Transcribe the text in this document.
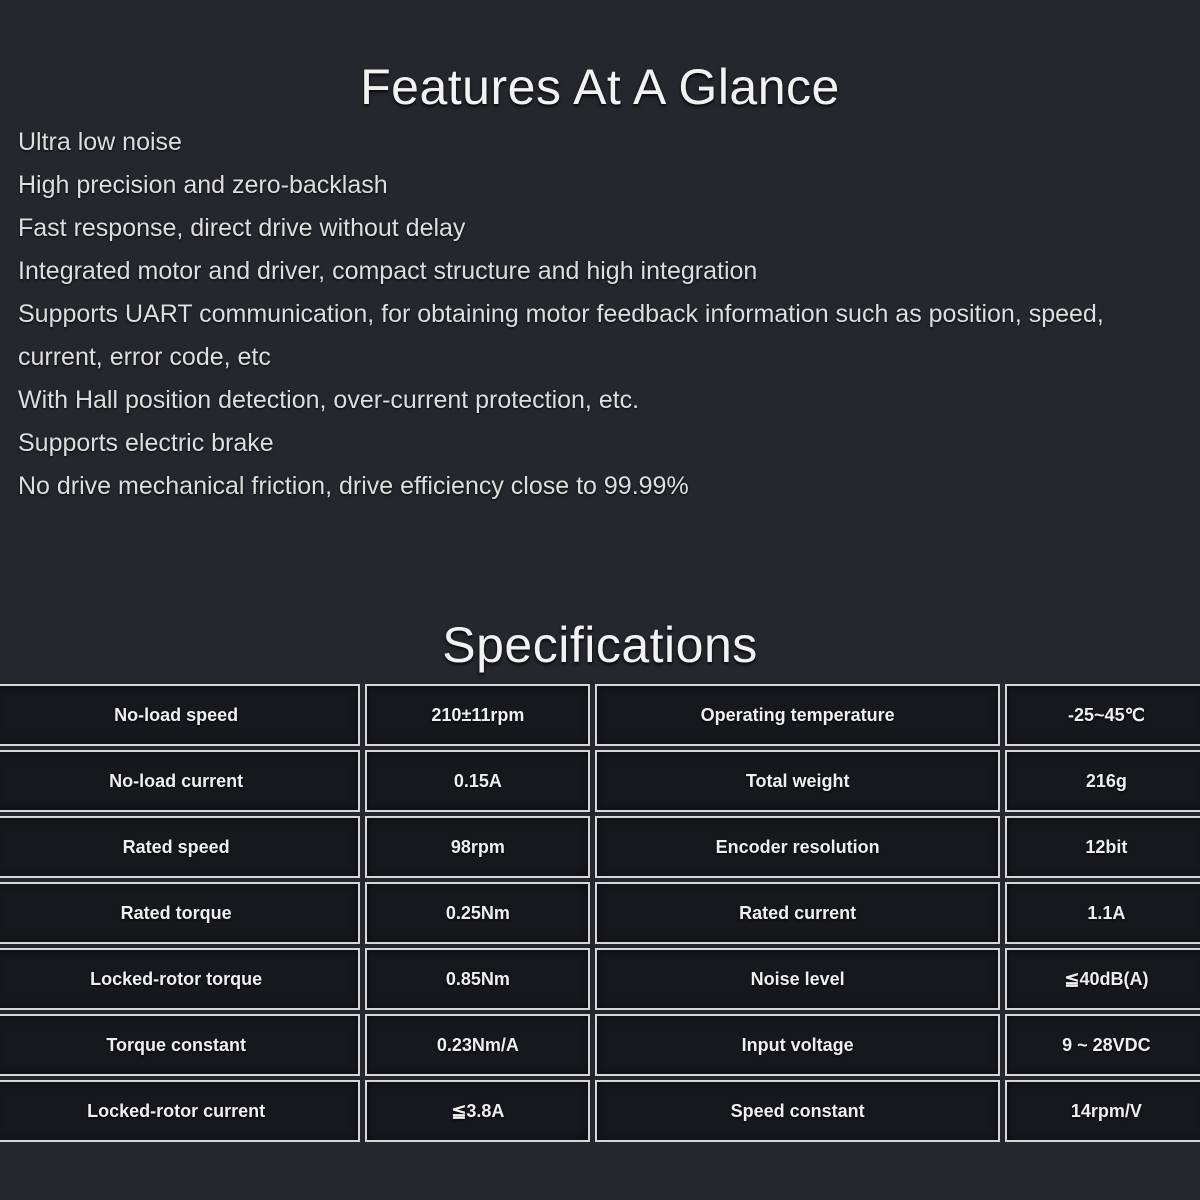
Features At A Glance
Ultra low noise
High precision and zero-backlash
Fast response, direct drive without delay
Integrated motor and driver, compact structure and high integration
Supports UART communication, for obtaining motor feedback information such as position, speed,
current, error code, etc
With Hall position detection, over-current protection, etc.
Supports electric brake
No drive mechanical friction, drive efficiency close to 99.99%
Specifications
No-load speed	210±11rpm	Operating temperature	-25~45℃
No-load current	0.15A	Total weight	216g
Rated speed	98rpm	Encoder resolution	12bit
Rated torque	0.25Nm	Rated current	1.1A
Locked-rotor torque	0.85Nm	Noise level	≦40dB(A)
Torque constant	0.23Nm/A	Input voltage	9 ~ 28VDC
Locked-rotor current	≦3.8A	Speed constant	14rpm/V
